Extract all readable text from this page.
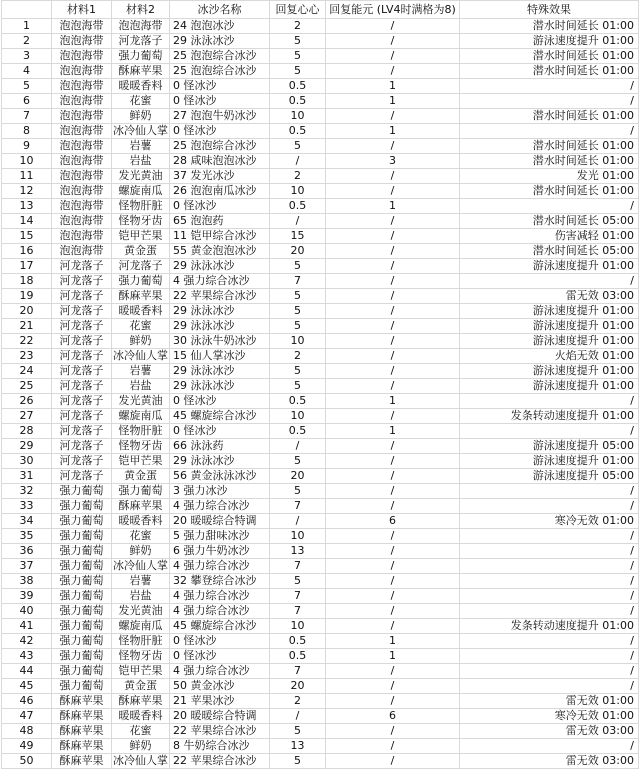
	材料1	材料2	冰沙名称	回复心心	回复能元 (LV4时满格为8)	特殊效果
1	泡泡海带	泡泡海带	24 泡泡冰沙	2	/	潜水时间延长 01:00
2	泡泡海带	河龙落子	29 泳泳冰沙	5	/	游泳速度提升 01:00
3	泡泡海带	强力葡萄	25 泡泡综合冰沙	5	/	潜水时间延长 01:00
4	泡泡海带	酥麻苹果	25 泡泡综合冰沙	5	/	潜水时间延长 01:00
5	泡泡海带	暖暖香料	0 怪冰沙	0.5	1	/
6	泡泡海带	花蜜	0 怪冰沙	0.5	1	/
7	泡泡海带	鲜奶	27 泡泡牛奶冰沙	10	/	潜水时间延长 01:00
8	泡泡海带	冰冷仙人掌	0 怪冰沙	0.5	1	/
9	泡泡海带	岩薯	25 泡泡综合冰沙	5	/	潜水时间延长 01:00
10	泡泡海带	岩盐	28 咸味泡泡冰沙	/	3	潜水时间延长 01:00
11	泡泡海带	发光黄油	37 发光冰沙	2	/	发光 01:00
12	泡泡海带	螺旋南瓜	26 泡泡南瓜冰沙	10	/	潜水时间延长 01:00
13	泡泡海带	怪物肝脏	0 怪冰沙	0.5	1	/
14	泡泡海带	怪物牙齿	65 泡泡药	/	/	潜水时间延长 05:00
15	泡泡海带	铠甲芒果	11 铠甲综合冰沙	15	/	伤害减轻 01:00
16	泡泡海带	黄金蛋	55 黄金泡泡冰沙	20	/	潜水时间延长 05:00
17	河龙落子	河龙落子	29 泳泳冰沙	5	/	游泳速度提升 01:00
18	河龙落子	强力葡萄	4 强力综合冰沙	7	/	/
19	河龙落子	酥麻苹果	22 苹果综合冰沙	5	/	雷无效 03:00
20	河龙落子	暖暖香料	29 泳泳冰沙	5	/	游泳速度提升 01:00
21	河龙落子	花蜜	29 泳泳冰沙	5	/	游泳速度提升 01:00
22	河龙落子	鲜奶	30 泳泳牛奶冰沙	10	/	游泳速度提升 01:00
23	河龙落子	冰冷仙人掌	15 仙人掌冰沙	2	/	火焰无效 01:00
24	河龙落子	岩薯	29 泳泳冰沙	5	/	游泳速度提升 01:00
25	河龙落子	岩盐	29 泳泳冰沙	5	/	游泳速度提升 01:00
26	河龙落子	发光黄油	0 怪冰沙	0.5	1	/
27	河龙落子	螺旋南瓜	45 螺旋综合冰沙	10	/	发条转动速度提升 01:00
28	河龙落子	怪物肝脏	0 怪冰沙	0.5	1	/
29	河龙落子	怪物牙齿	66 泳泳药	/	/	游泳速度提升 05:00
30	河龙落子	铠甲芒果	29 泳泳冰沙	5	/	游泳速度提升 01:00
31	河龙落子	黄金蛋	56 黄金泳泳冰沙	20	/	游泳速度提升 05:00
32	强力葡萄	强力葡萄	3 强力冰沙	5	/	/
33	强力葡萄	酥麻苹果	4 强力综合冰沙	7	/	/
34	强力葡萄	暖暖香料	20 暖暖综合特调	/	6	寒冷无效 01:00
35	强力葡萄	花蜜	5 强力甜味冰沙	10	/	/
36	强力葡萄	鲜奶	6 强力牛奶冰沙	13	/	/
37	强力葡萄	冰冷仙人掌	4 强力综合冰沙	7	/	/
38	强力葡萄	岩薯	32 攀登综合冰沙	5	/	/
39	强力葡萄	岩盐	4 强力综合冰沙	7	/	/
40	强力葡萄	发光黄油	4 强力综合冰沙	7	/	/
41	强力葡萄	螺旋南瓜	45 螺旋综合冰沙	10	/	发条转动速度提升 01:00
42	强力葡萄	怪物肝脏	0 怪冰沙	0.5	1	/
43	强力葡萄	怪物牙齿	0 怪冰沙	0.5	1	/
44	强力葡萄	铠甲芒果	4 强力综合冰沙	7	/	/
45	强力葡萄	黄金蛋	50 黄金冰沙	20	/	/
46	酥麻苹果	酥麻苹果	21 苹果冰沙	2	/	雷无效 01:00
47	酥麻苹果	暖暖香料	20 暖暖综合特调	/	6	寒冷无效 01:00
48	酥麻苹果	花蜜	22 苹果综合冰沙	5	/	雷无效 03:00
49	酥麻苹果	鲜奶	8 牛奶综合冰沙	13	/	/
50	酥麻苹果	冰冷仙人掌	22 苹果综合冰沙	5	/	雷无效 03:00
